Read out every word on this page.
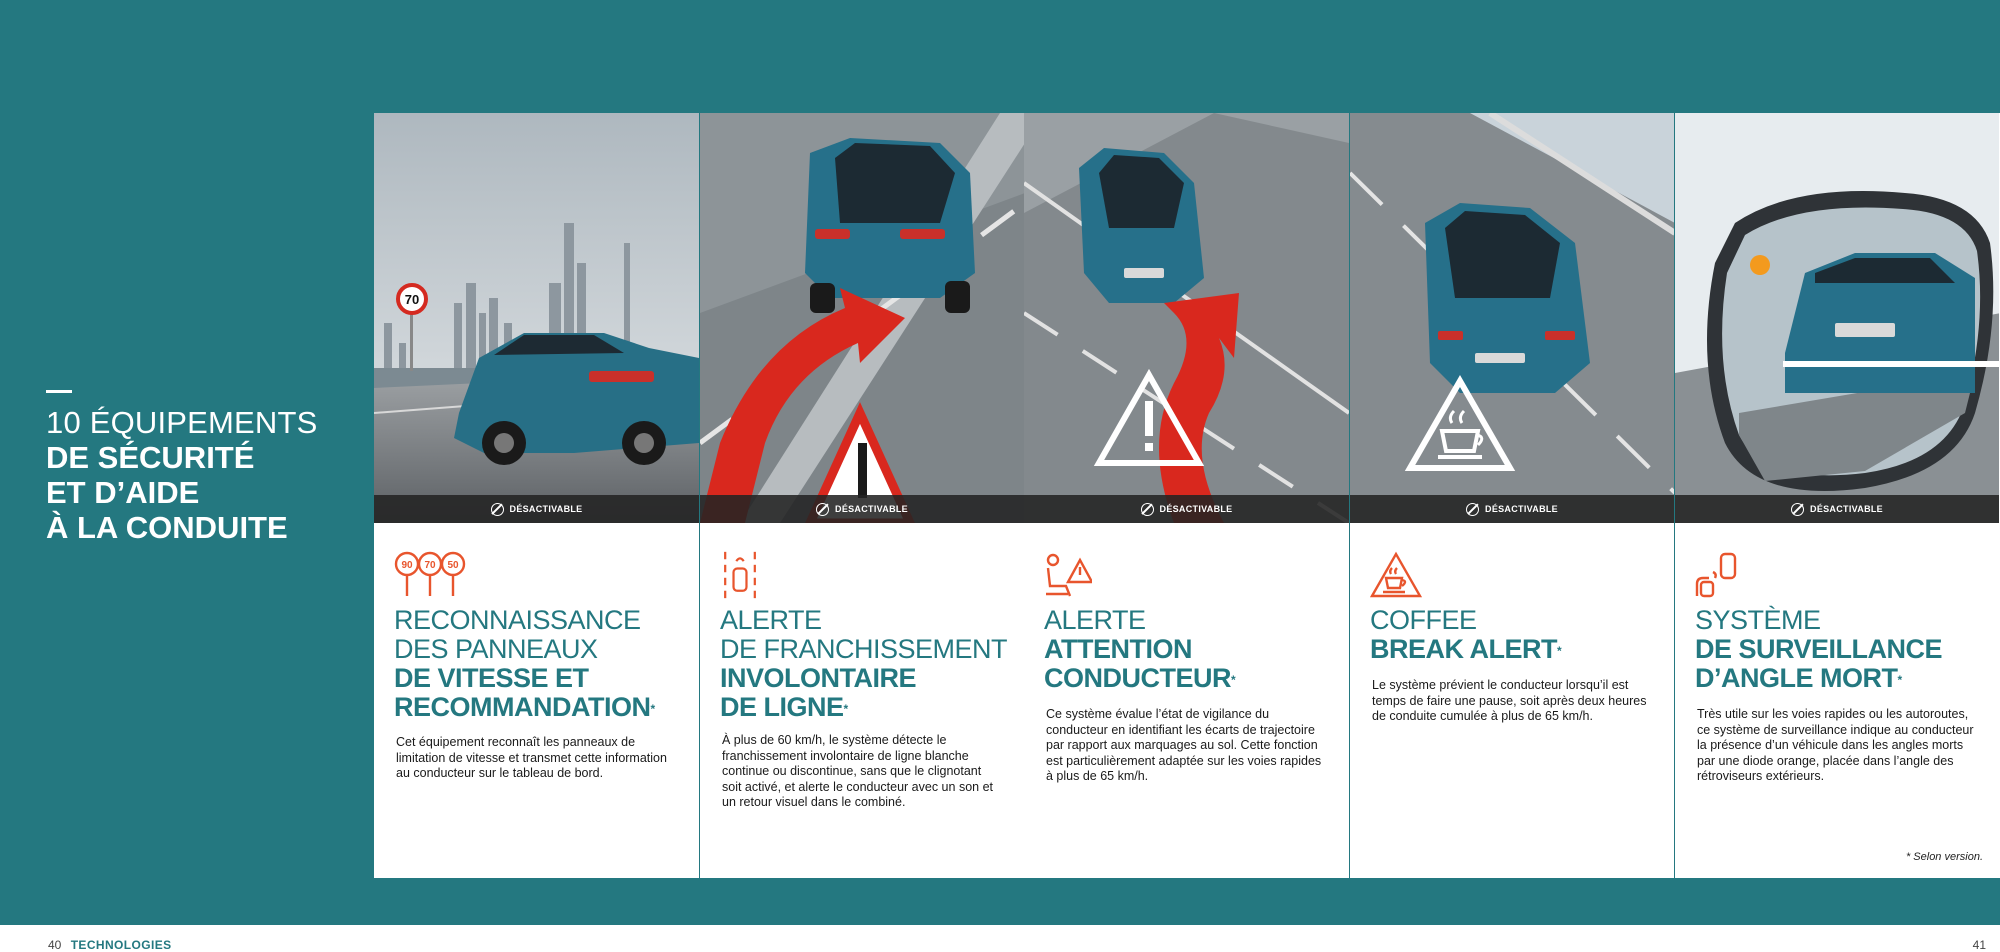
10 ÉQUIPEMENTS
DE SÉCURITÉ
ET D’AIDE
À LA CONDUITE
70
DÉSACTIVABLE
90 70 50
RECONNAISSANCE
DES PANNEAUX
DE VITESSE ET
RECOMMANDATION*
Cet équipement reconnaît les panneaux de limitation de vitesse et transmet cette information au conducteur sur le tableau de bord.
DÉSACTIVABLE
ALERTE
DE FRANCHISSEMENT
INVOLONTAIRE
DE LIGNE*
À plus de 60 km/h, le système détecte le franchissement involontaire de ligne blanche continue ou discontinue, sans que le clignotant soit activé, et alerte le conducteur avec un son et un retour visuel dans le combiné.
DÉSACTIVABLE
ALERTE
ATTENTION
CONDUCTEUR*
Ce système évalue l’état de vigilance du conducteur en identifiant les écarts de trajectoire par rapport aux marquages au sol. Cette fonction est particulièrement adaptée sur les voies rapides à plus de 65 km/h.
DÉSACTIVABLE
COFFEE
BREAK ALERT*
Le système prévient le conducteur lorsqu’il est temps de faire une pause, soit après deux heures de conduite cumulée à plus de 65 km/h.
DÉSACTIVABLE
SYSTÈME
DE SURVEILLANCE
D’ANGLE MORT*
Très utile sur les voies rapides ou les autoroutes, ce système de surveillance indique au conducteur la présence d’un véhicule dans les angles morts par une diode orange, placée dans l’angle des rétroviseurs extérieurs.
* Selon version.
40 TECHNOLOGIES	41
